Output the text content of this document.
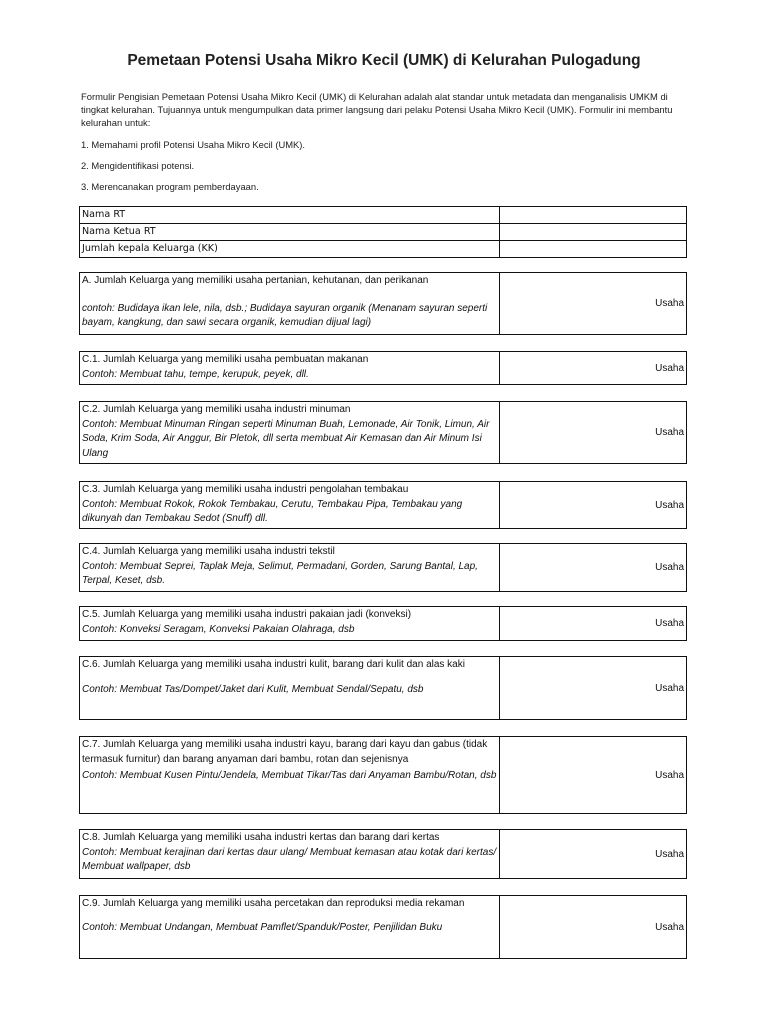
Pemetaan Potensi Usaha Mikro Kecil (UMK) di Kelurahan Pulogadung

Formulir Pengisian Pemetaan Potensi Usaha Mikro Kecil (UMK) di Kelurahan adalah alat standar untuk metadata dan menganalisis UMKM di tingkat kelurahan. Tujuannya untuk mengumpulkan data primer langsung dari pelaku Potensi Usaha Mikro Kecil (UMK). Formulir ini membantu kelurahan untuk:

1. Memahami profil Potensi Usaha Mikro Kecil (UMK).

2. Mengidentifikasi potensi.

3. Merencanakan program pemberdayaan.

Nama RT
Nama Ketua RT
Jumlah kepala Keluarga (KK)

A. Jumlah Keluarga yang memiliki usaha pertanian, kehutanan, dan perikanan

contoh: Budidaya ikan lele, nila, dsb.; Budidaya sayuran organik (Menanam sayuran seperti bayam, kangkung, dan sawi secara organik, kemudian dijual lagi)

Usaha

C.1. Jumlah Keluarga yang memiliki usaha pembuatan makanan

Contoh: Membuat tahu, tempe, kerupuk, peyek, dll.

Usaha

C.2. Jumlah Keluarga yang memiliki usaha industri minuman

Contoh: Membuat Minuman Ringan seperti Minuman Buah, Lemonade, Air Tonik, Limun, Air Soda, Krim Soda, Air Anggur, Bir Pletok, dll serta membuat Air Kemasan dan Air Minum Isi Ulang

Usaha

C.3. Jumlah Keluarga yang memiliki usaha industri pengolahan tembakau

Contoh: Membuat Rokok, Rokok Tembakau, Cerutu, Tembakau Pipa, Tembakau yang dikunyah dan Tembakau Sedot (Snuff) dll.

Usaha

C.4. Jumlah Keluarga yang memiliki usaha industri tekstil

Contoh: Membuat Seprei, Taplak Meja, Selimut, Permadani, Gorden, Sarung Bantal, Lap, Terpal, Keset, dsb.

Usaha

C.5. Jumlah Keluarga yang memiliki usaha industri pakaian jadi (konveksi)

Contoh: Konveksi Seragam, Konveksi Pakaian Olahraga, dsb	Usaha

C.6. Jumlah Keluarga yang memiliki usaha industri kulit, barang dari kulit dan alas kaki

Contoh: Membuat Tas/Dompet/Jaket dari Kulit, Membuat Sendal/Sepatu, dsb	Usaha

C.7. Jumlah Keluarga yang memiliki usaha industri kayu, barang dari kayu dan gabus (tidak termasuk furnitur) dan barang anyaman dari bambu, rotan dan sejenisnya

Contoh: Membuat Kusen Pintu/Jendela, Membuat Tikar/Tas dari Anyaman Bambu/Rotan, dsb	Usaha

C.8. Jumlah Keluarga yang memiliki usaha industri kertas dan barang dari kertas

Contoh: Membuat kerajinan dari kertas daur ulang/ Membuat kemasan atau kotak dari kertas/ Membuat wallpaper, dsb

Usaha

C.9. Jumlah Keluarga yang memiliki usaha percetakan dan reproduksi media rekaman

Contoh: Membuat Undangan, Membuat Pamflet/Spanduk/Poster, Penjilidan Buku	Usaha
